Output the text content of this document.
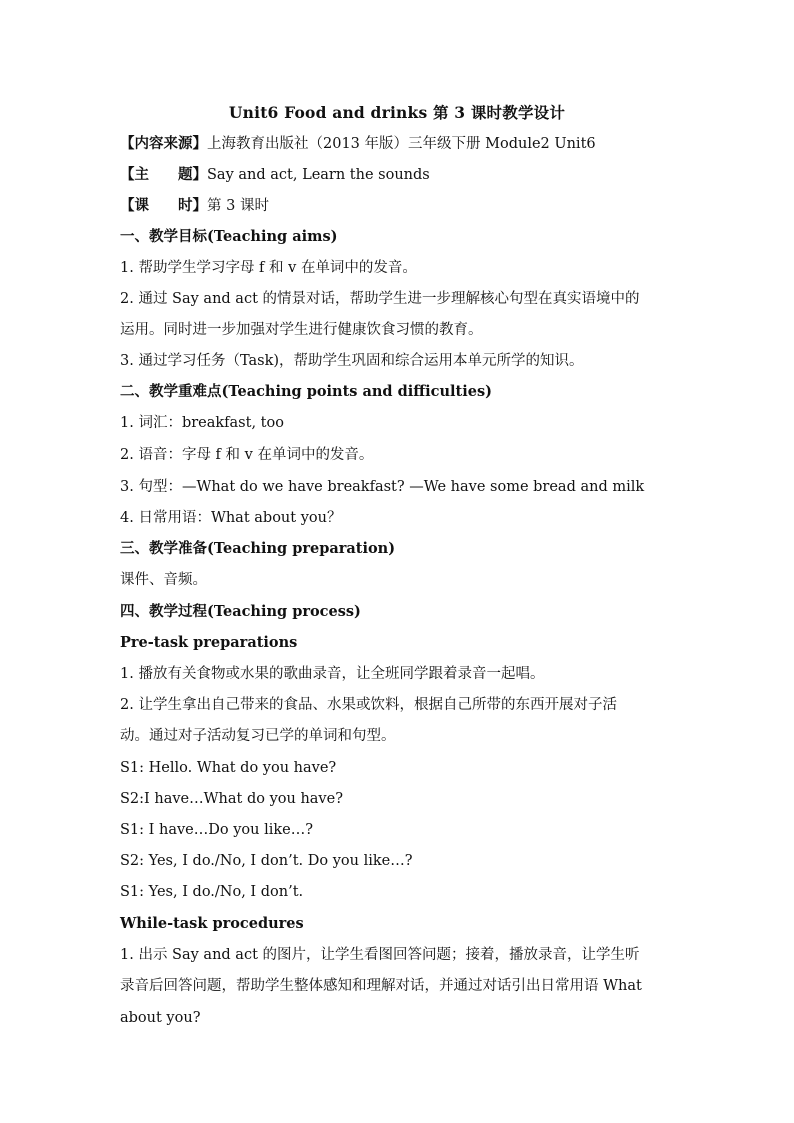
Unit6 Food and drinks 第 3 课时教学设计
【内容来源】上海教育出版社（2013 年版）三年级下册 Module2 Unit6
【主　　题】Say and act, Learn the sounds
【课　　时】第 3 课时
一、教学目标(Teaching aims)
1. 帮助学生学习字母 f 和 v 在单词中的发音。
2. 通过 Say and act 的情景对话，帮助学生进一步理解核心句型在真实语境中的
运用。同时进一步加强对学生进行健康饮食习惯的教育。
3. 通过学习任务（Task)，帮助学生巩固和综合运用本单元所学的知识。
二、教学重难点(Teaching points and difficulties)
1. 词汇：breakfast, too
2. 语音：字母 f 和 v 在单词中的发音。
3. 句型：—What do we have breakfast? —We have some bread and milk
4. 日常用语：What about you？
三、教学准备(Teaching preparation)
课件、音频。
四、教学过程(Teaching process)
Pre-task preparations
1. 播放有关食物或水果的歌曲录音，让全班同学跟着录音一起唱。
2. 让学生拿出自己带来的食品、水果或饮料，根据自己所带的东西开展对子活
动。通过对子活动复习已学的单词和句型。
S1: Hello. What do you have?
S2:I have…What do you have?
S1: I have…Do you like…?
S2: Yes, I do./No, I don’t. Do you like…?
S1: Yes, I do./No, I don’t.
While-task procedures
1. 出示 Say and act 的图片，让学生看图回答问题；接着，播放录音，让学生听
录音后回答问题，帮助学生整体感知和理解对话，并通过对话引出日常用语 What
about you?
